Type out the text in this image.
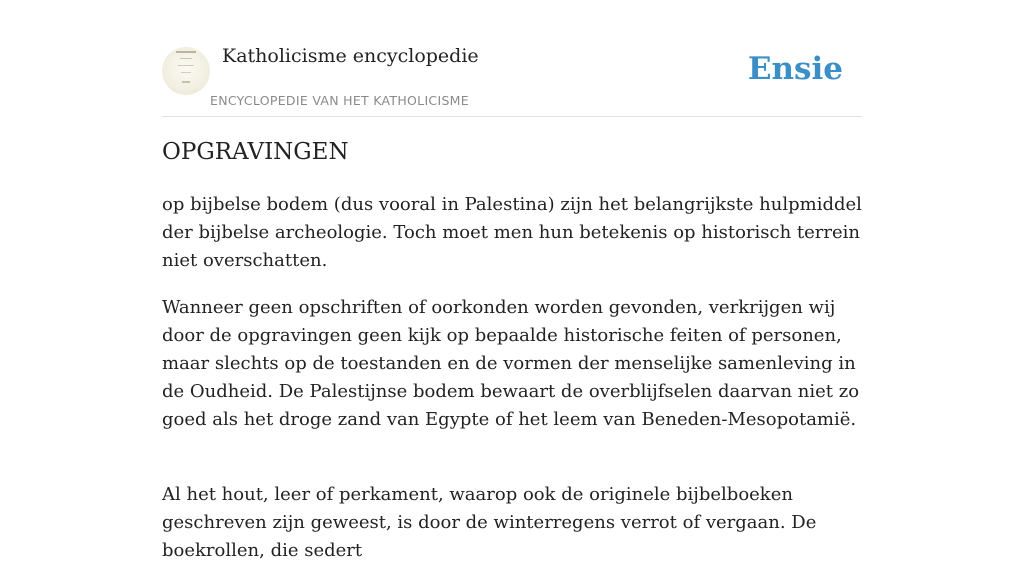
Katholicisme encyclopedie
ENCYCLOPEDIE VAN HET KATHOLICISME
Ensie
OPGRAVINGEN

op bijbelse bodem (dus vooral in Palestina) zijn het belangrijkste hulpmiddel der bijbelse archeologie. Toch moet men hun betekenis op historisch terrein niet overschatten.

Wanneer geen opschriften of oorkonden worden gevonden, verkrijgen wij door de opgravingen geen kijk op bepaalde historische feiten of personen, maar slechts op de toestanden en de vormen der menselijke samenleving in de Oudheid. De Palestijnse bodem bewaart de overblijfselen daarvan niet zo goed als het droge zand van Egypte of het leem van Beneden-Mesopotamië.

Al het hout, leer of perkament, waarop ook de originele bijbelboeken geschreven zijn geweest, is door de winterregens verrot of vergaan. De boekrollen, die sedert
